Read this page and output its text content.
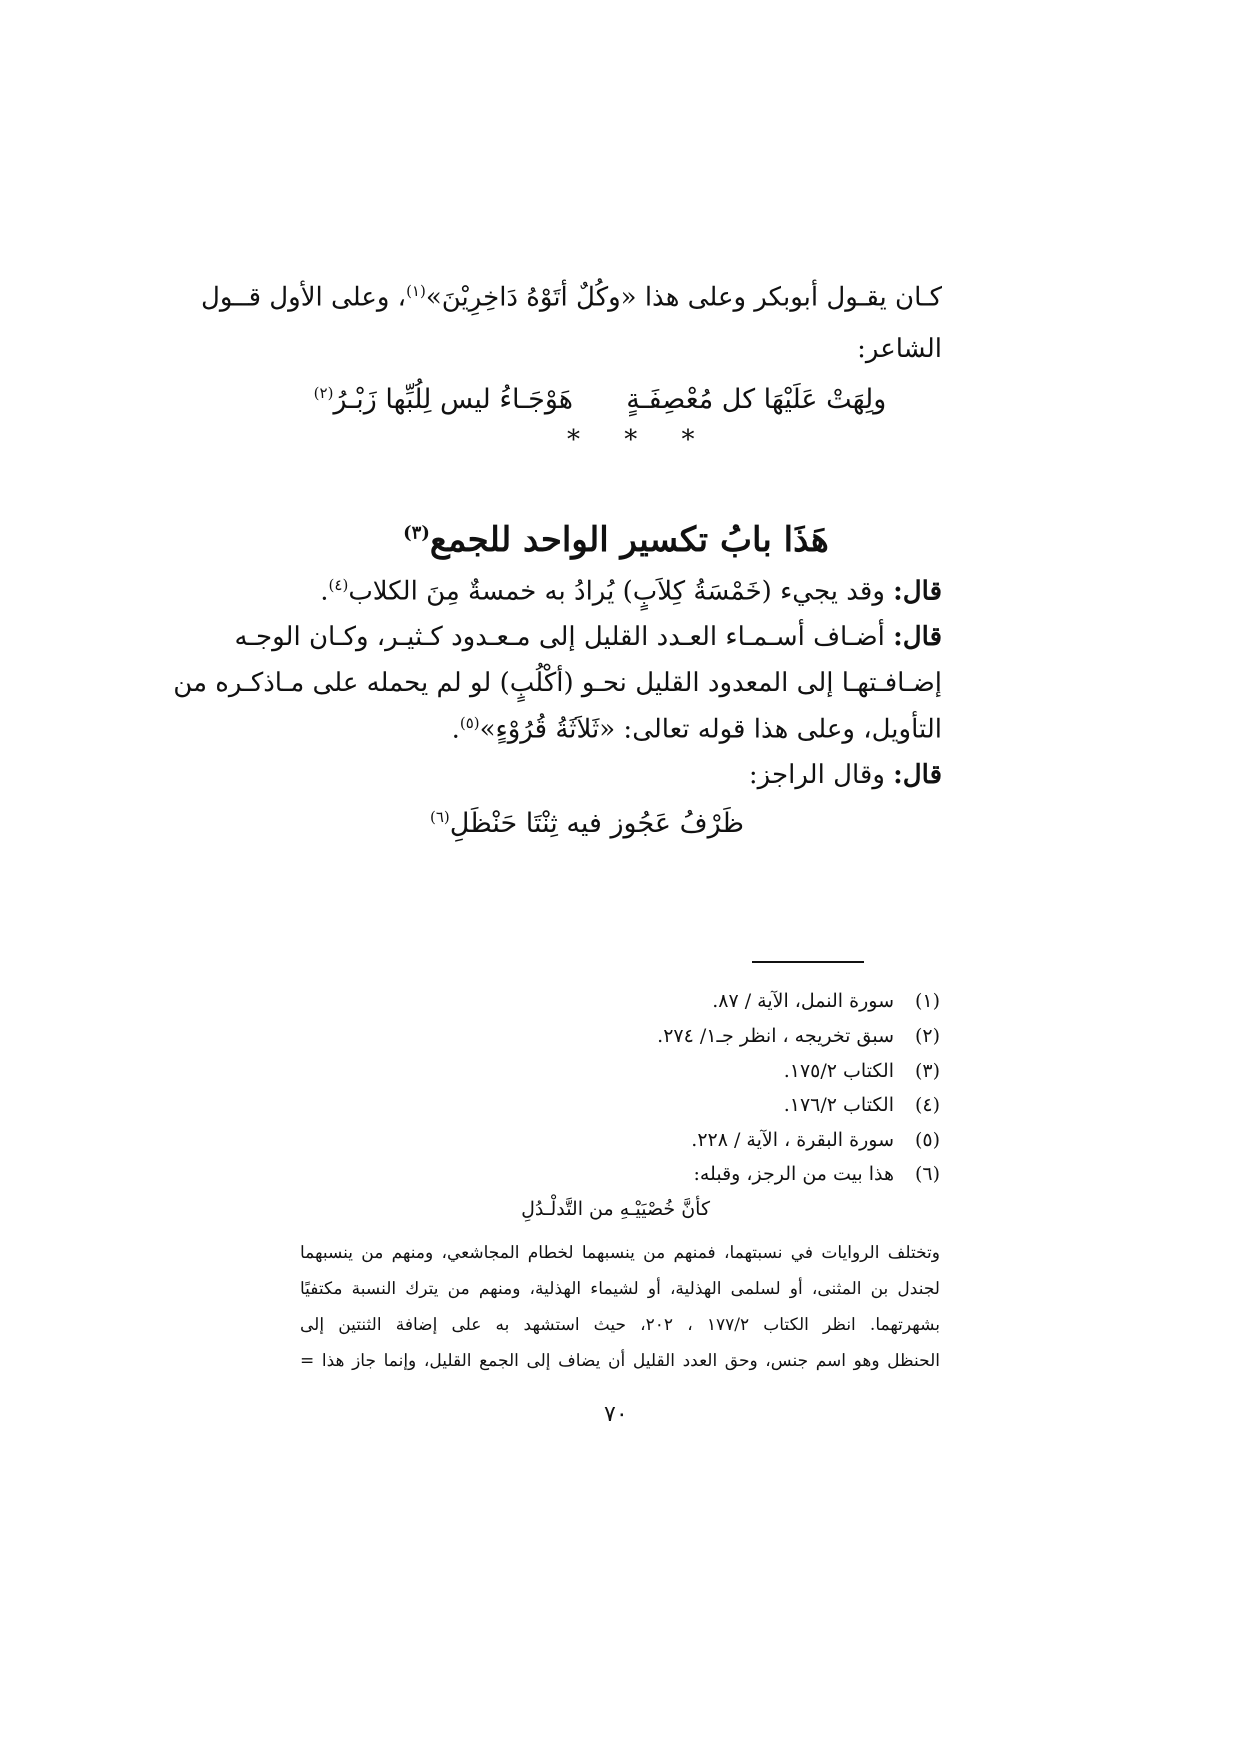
كـان يقـول أبوبكر وعلى هذا «وكُلٌ أتَوْهُ دَاخِرِيْنَ»$^{(١)}$، وعلى الأول قــول
الشاعر:
ولِهَتْ عَلَيْهَا كل مُعْصِفَـةٍ  هَوْجَـاءُ ليس لِلُبِّها زَبْـرُ$^{(٢)}$
* * *
هَذَا بابُ تكسير الواحد للجمع$^{(٣)}$
قال: وقد يجيء (خَمْسَةُ كِلاَبٍ) يُرادُ به خمسةٌ مِنَ الكلاب$^{(٤)}$.
قال: أضـاف أسـمـاء العـدد القليل إلى مـعـدود كـثيـر، وكـان الوجـه
إضـافـتهـا إلى المعدود القليل نحـو (أكْلُبٍ) لو لم يحمله على مـاذكـره من
التأويل، وعلى هذا قوله تعالى: «ثَلاَثَةُ قُرُوْءٍ»$^{(٥)}$.
قال: وقال الراجز:
ظَرْفُ عَجُوز فيه ثِنْتَا حَنْظَلِ$^{(٦)}$
(١)سورة النمل، الآية / ٨٧.
(٢)سبق تخريجه ، انظر جـ١/ ٢٧٤.
(٣)الكتاب ١٧٥/٢.
(٤)الكتاب ١٧٦/٢.
(٥)سورة البقرة ، الآية / ٢٢٨.
(٦)هذا بيت من الرجز، وقبله:
كأنَّ خُصْيَيْـهِ من التَّدلْـدُلِ
وتختلف الروايات في نسبتهما، فمنهم من ينسبهما لخطام المجاشعي، ومنهم من ينسبهما
لجندل بن المثنى، أو لسلمى الهذلية، أو لشيماء الهذلية، ومنهم من يترك النسبة مكتفيًا
بشهرتهما. انظر الكتاب ١٧٧/٢ ، ٢٠٢، حيث استشهد به على إضافة الثنتين إلى
الحنظل وهو اسم جنس، وحق العدد القليل أن يضاف إلى الجمع القليل، وإنما جاز هذا =
٧٠
